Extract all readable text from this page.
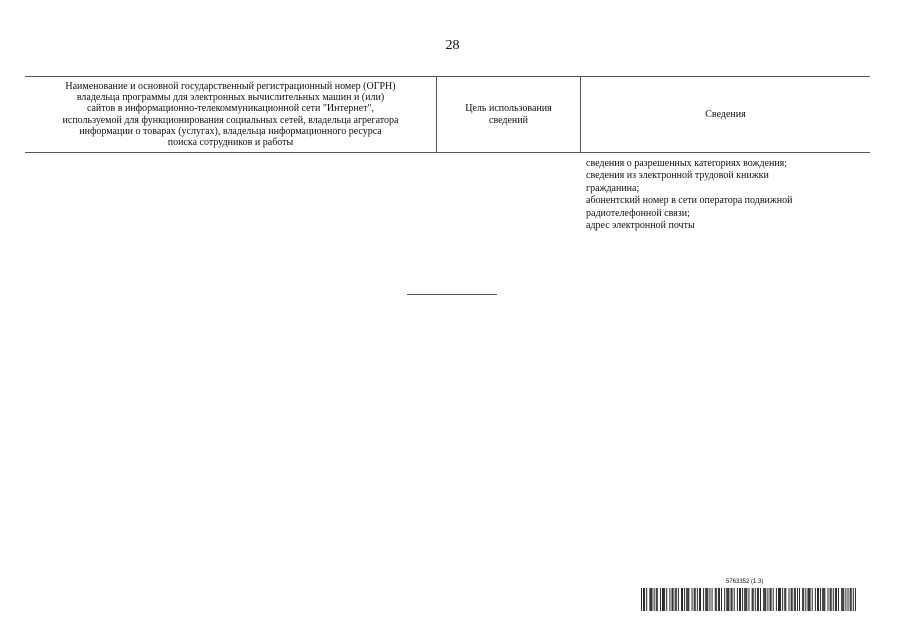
28
Наименование и основной государственный регистрационный номер (ОГРН)
владельца программы для электронных вычислительных машин и (или)
сайтов в информационно-телекоммуникационной сети "Интернет",
используемой для функционирования социальных сетей, владельца агрегатора
информации о товарах (услугах), владельца информационного ресурса
поиска сотрудников и работы
Цель использования
сведений
Сведения
сведения о разрешенных категориях вождения;
сведения из электронной трудовой книжки
гражданина;
абонентский номер в сети оператора подвижной
радиотелефонной связи;
адрес электронной почты
5763352 (1.3)
